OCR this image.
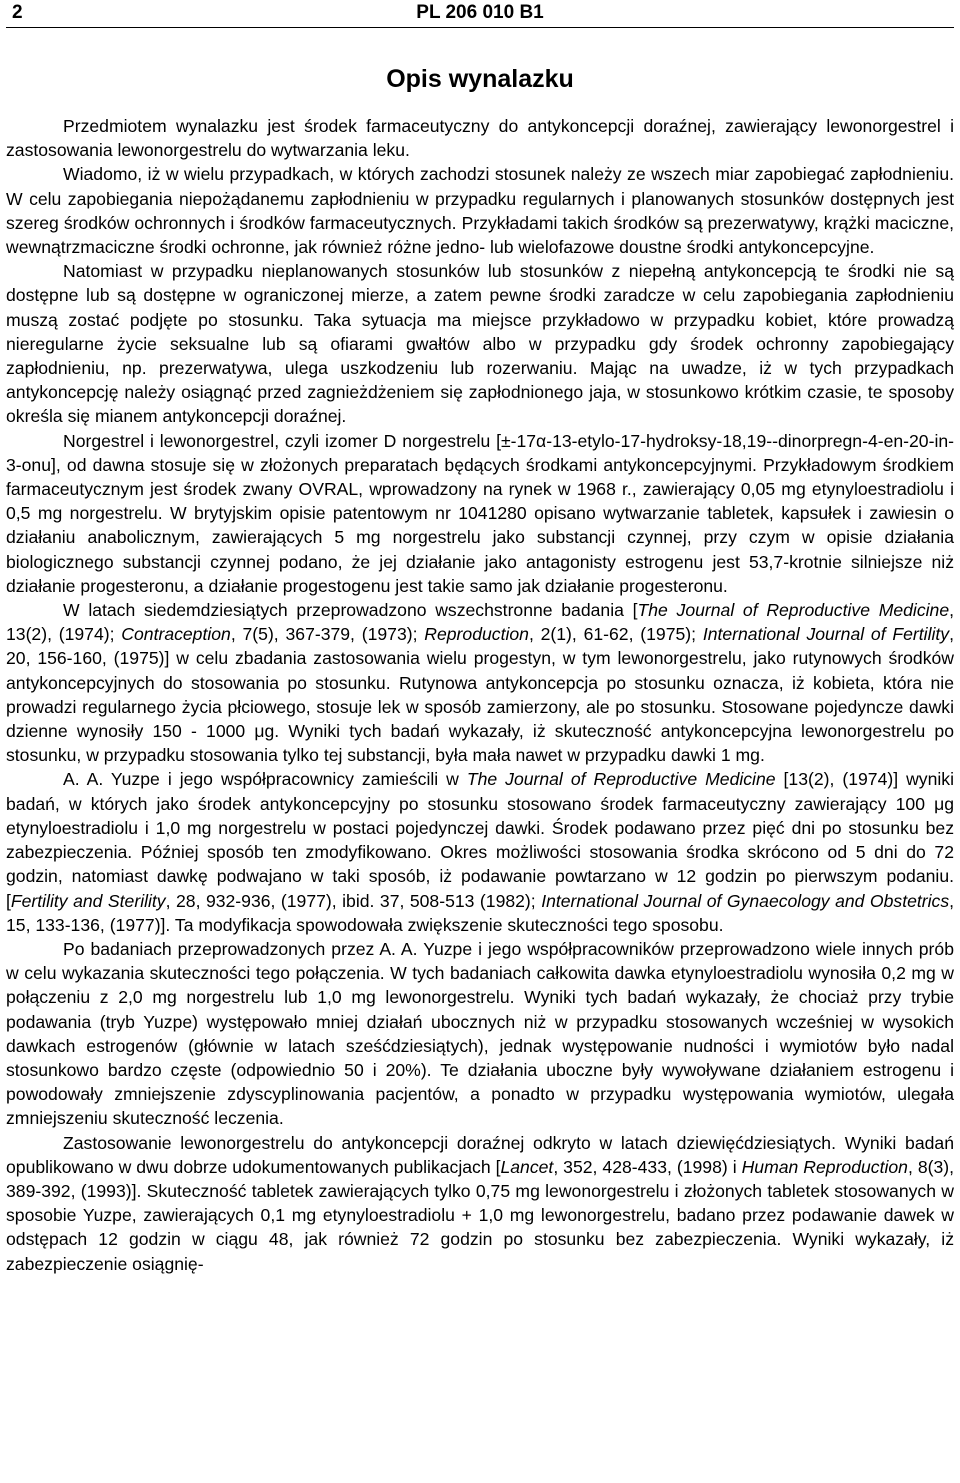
2	PL 206 010 B1
Opis wynalazku

Przedmiotem wynalazku jest środek farmaceutyczny do antykoncepcji doraźnej, zawierający lewonorgestrel i zastosowania lewonorgestrelu do wytwarzania leku.

Wiadomo, iż w wielu przypadkach, w których zachodzi stosunek należy ze wszech miar zapobiegać zapłodnieniu. W celu zapobiegania niepożądanemu zapłodnieniu w przypadku regularnych i planowanych stosunków dostępnych jest szereg środków ochronnych i środków farmaceutycznych. Przykładami takich środków są prezerwatywy, krążki maciczne, wewnątrzmaciczne środki ochronne, jak również różne jedno- lub wielofazowe doustne środki antykoncepcyjne.

Natomiast w przypadku nieplanowanych stosunków lub stosunków z niepełną antykoncepcją te środki nie są dostępne lub są dostępne w ograniczonej mierze, a zatem pewne środki zaradcze w celu zapobiegania zapłodnieniu muszą zostać podjęte po stosunku. Taka sytuacja ma miejsce przykładowo w przypadku kobiet, które prowadzą nieregularne życie seksualne lub są ofiarami gwałtów albo w przypadku gdy środek ochronny zapobiegający zapłodnieniu, np. prezerwatywa, ulega uszkodzeniu lub rozerwaniu. Mając na uwadze, iż w tych przypadkach antykoncepcję należy osiągnąć przed zagnieżdżeniem się zapłodnionego jaja, w stosunkowo krótkim czasie, te sposoby określa się mianem antykoncepcji doraźnej.

Norgestrel i lewonorgestrel, czyli izomer D norgestrelu [±-17α-13-etylo-17-hydroksy-18,19-‑dinorpregn-4-en-20-in-3-onu], od dawna stosuje się w złożonych preparatach będących środkami antykoncepcyjnymi. Przykładowym środkiem farmaceutycznym jest środek zwany OVRAL, wprowadzony na rynek w 1968 r., zawierający 0,05 mg etynyloestradiolu i 0,5 mg norgestrelu. W brytyjskim opisie patentowym nr 1041280 opisano wytwarzanie tabletek, kapsułek i zawiesin o działaniu anabolicznym, zawierających 5 mg norgestrelu jako substancji czynnej, przy czym w opisie działania biologicznego substancji czynnej podano, że jej działanie jako antagonisty estrogenu jest 53,7-krotnie silniejsze niż działanie progesteronu, a działanie progestogenu jest takie samo jak działanie progesteronu.

W latach siedemdziesiątych przeprowadzono wszechstronne badania [The Journal of Reproductive Medicine, 13(2), (1974); Contraception, 7(5), 367-379, (1973); Reproduction, 2(1), 61-62, (1975); International Journal of Fertility, 20, 156-160, (1975)] w celu zbadania zastosowania wielu progestyn, w tym lewonorgestrelu, jako rutynowych środków antykoncepcyjnych do stosowania po stosunku. Rutynowa antykoncepcja po stosunku oznacza, iż kobieta, która nie prowadzi regularnego życia płciowego, stosuje lek w sposób zamierzony, ale po stosunku. Stosowane pojedyncze dawki dzienne wynosiły 150 - 1000 μg. Wyniki tych badań wykazały, iż skuteczność antykoncepcyjna lewonorgestrelu po stosunku, w przypadku stosowania tylko tej substancji, była mała nawet w przypadku dawki 1 mg.

A. A. Yuzpe i jego współpracownicy zamieścili w The Journal of Reproductive Medicine [13(2), (1974)] wyniki badań, w których jako środek antykoncepcyjny po stosunku stosowano środek farmaceutyczny zawierający 100 μg etynyloestradiolu i 1,0 mg norgestrelu w postaci pojedynczej dawki. Środek podawano przez pięć dni po stosunku bez zabezpieczenia. Później sposób ten zmodyfikowano. Okres możliwości stosowania środka skrócono od 5 dni do 72 godzin, natomiast dawkę podwajano w taki sposób, iż podawanie powtarzano w 12 godzin po pierwszym podaniu. [Fertility and Sterility, 28, 932-936, (1977), ibid. 37, 508-513 (1982); International Journal of Gynaecology and Obstetrics, 15, 133-136, (1977)]. Ta modyfikacja spowodowała zwiększenie skuteczności tego sposobu.

Po badaniach przeprowadzonych przez A. A. Yuzpe i jego współpracowników przeprowadzono wiele innych prób w celu wykazania skuteczności tego połączenia. W tych badaniach całkowita dawka etynyloestradiolu wynosiła 0,2 mg w połączeniu z 2,0 mg norgestrelu lub 1,0 mg lewonorgestrelu. Wyniki tych badań wykazały, że chociaż przy trybie podawania (tryb Yuzpe) występowało mniej działań ubocznych niż w przypadku stosowanych wcześniej w wysokich dawkach estrogenów (głównie w latach sześćdziesiątych), jednak występowanie nudności i wymiotów było nadal stosunkowo bardzo częste (odpowiednio 50 i 20%). Te działania uboczne były wywoływane działaniem estrogenu i powodowały zmniejszenie zdyscyplinowania pacjentów, a ponadto w przypadku występowania wymiotów, ulegała zmniejszeniu skuteczność leczenia.

Zastosowanie lewonorgestrelu do antykoncepcji doraźnej odkryto w latach dziewięćdziesiątych. Wyniki badań opublikowano w dwu dobrze udokumentowanych publikacjach [Lancet, 352, 428-433, (1998) i Human Reproduction, 8(3), 389-392, (1993)]. Skuteczność tabletek zawierających tylko 0,75 mg lewonorgestrelu i złożonych tabletek stosowanych w sposobie Yuzpe, zawierających 0,1 mg etynyloestradiolu + 1,0 mg lewonorgestrelu, badano przez podawanie dawek w odstępach 12 godzin w ciągu 48, jak również 72 godzin po stosunku bez zabezpieczenia. Wyniki wykazały, iż zabezpieczenie osiągnię-
